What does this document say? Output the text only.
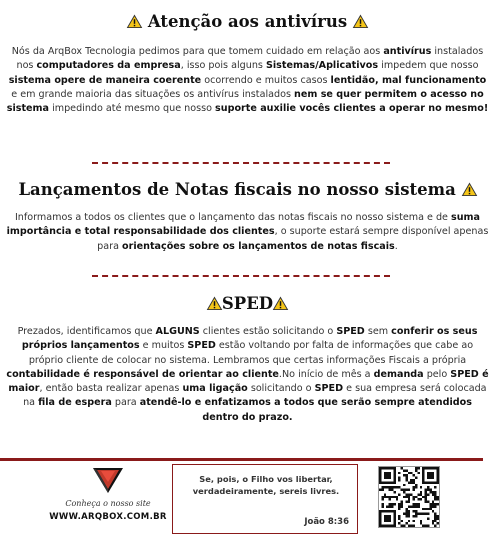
Atenção aos antivírus

Nós da ArqBox Tecnologia pedimos para que tomem cuidado em relação aos antivírus instalados nos computadores da empresa, isso pois alguns Sistemas/Aplicativos impedem que nosso sistema opere de maneira coerente ocorrendo e muitos casos lentidão, mal funcionamento e em grande maioria das situações os antivírus instalados nem se quer permitem o acesso no sistema impedindo até mesmo que nosso suporte auxilie vocês clientes a operar no mesmo!

Lançamentos de Notas fiscais no nosso sistema

Informamos a todos os clientes que o lançamento das notas fiscais no nosso sistema e de suma importância e total responsabilidade dos clientes, o suporte estará sempre disponível apenas para orientações sobre os lançamentos de notas fiscais.

SPED

Prezados, identificamos que ALGUNS clientes estão solicitando o SPED sem conferir os seus próprios lançamentos e muitos SPED estão voltando por falta de informações que cabe ao próprio cliente de colocar no sistema. Lembramos que certas informações Fiscais a própria contabilidade é responsável de orientar ao cliente.No início de mês a demanda pelo SPED é maior, então basta realizar apenas uma ligação solicitando o SPED e sua empresa será colocada na fila de espera para atendê-lo e enfatizamos a todos que serão sempre atendidos dentro do prazo.

Conheça o nosso site
WWW.ARQBOX.COM.BR
Se, pois, o Filho vos libertar, verdadeiramente, sereis livres.
João 8:36
